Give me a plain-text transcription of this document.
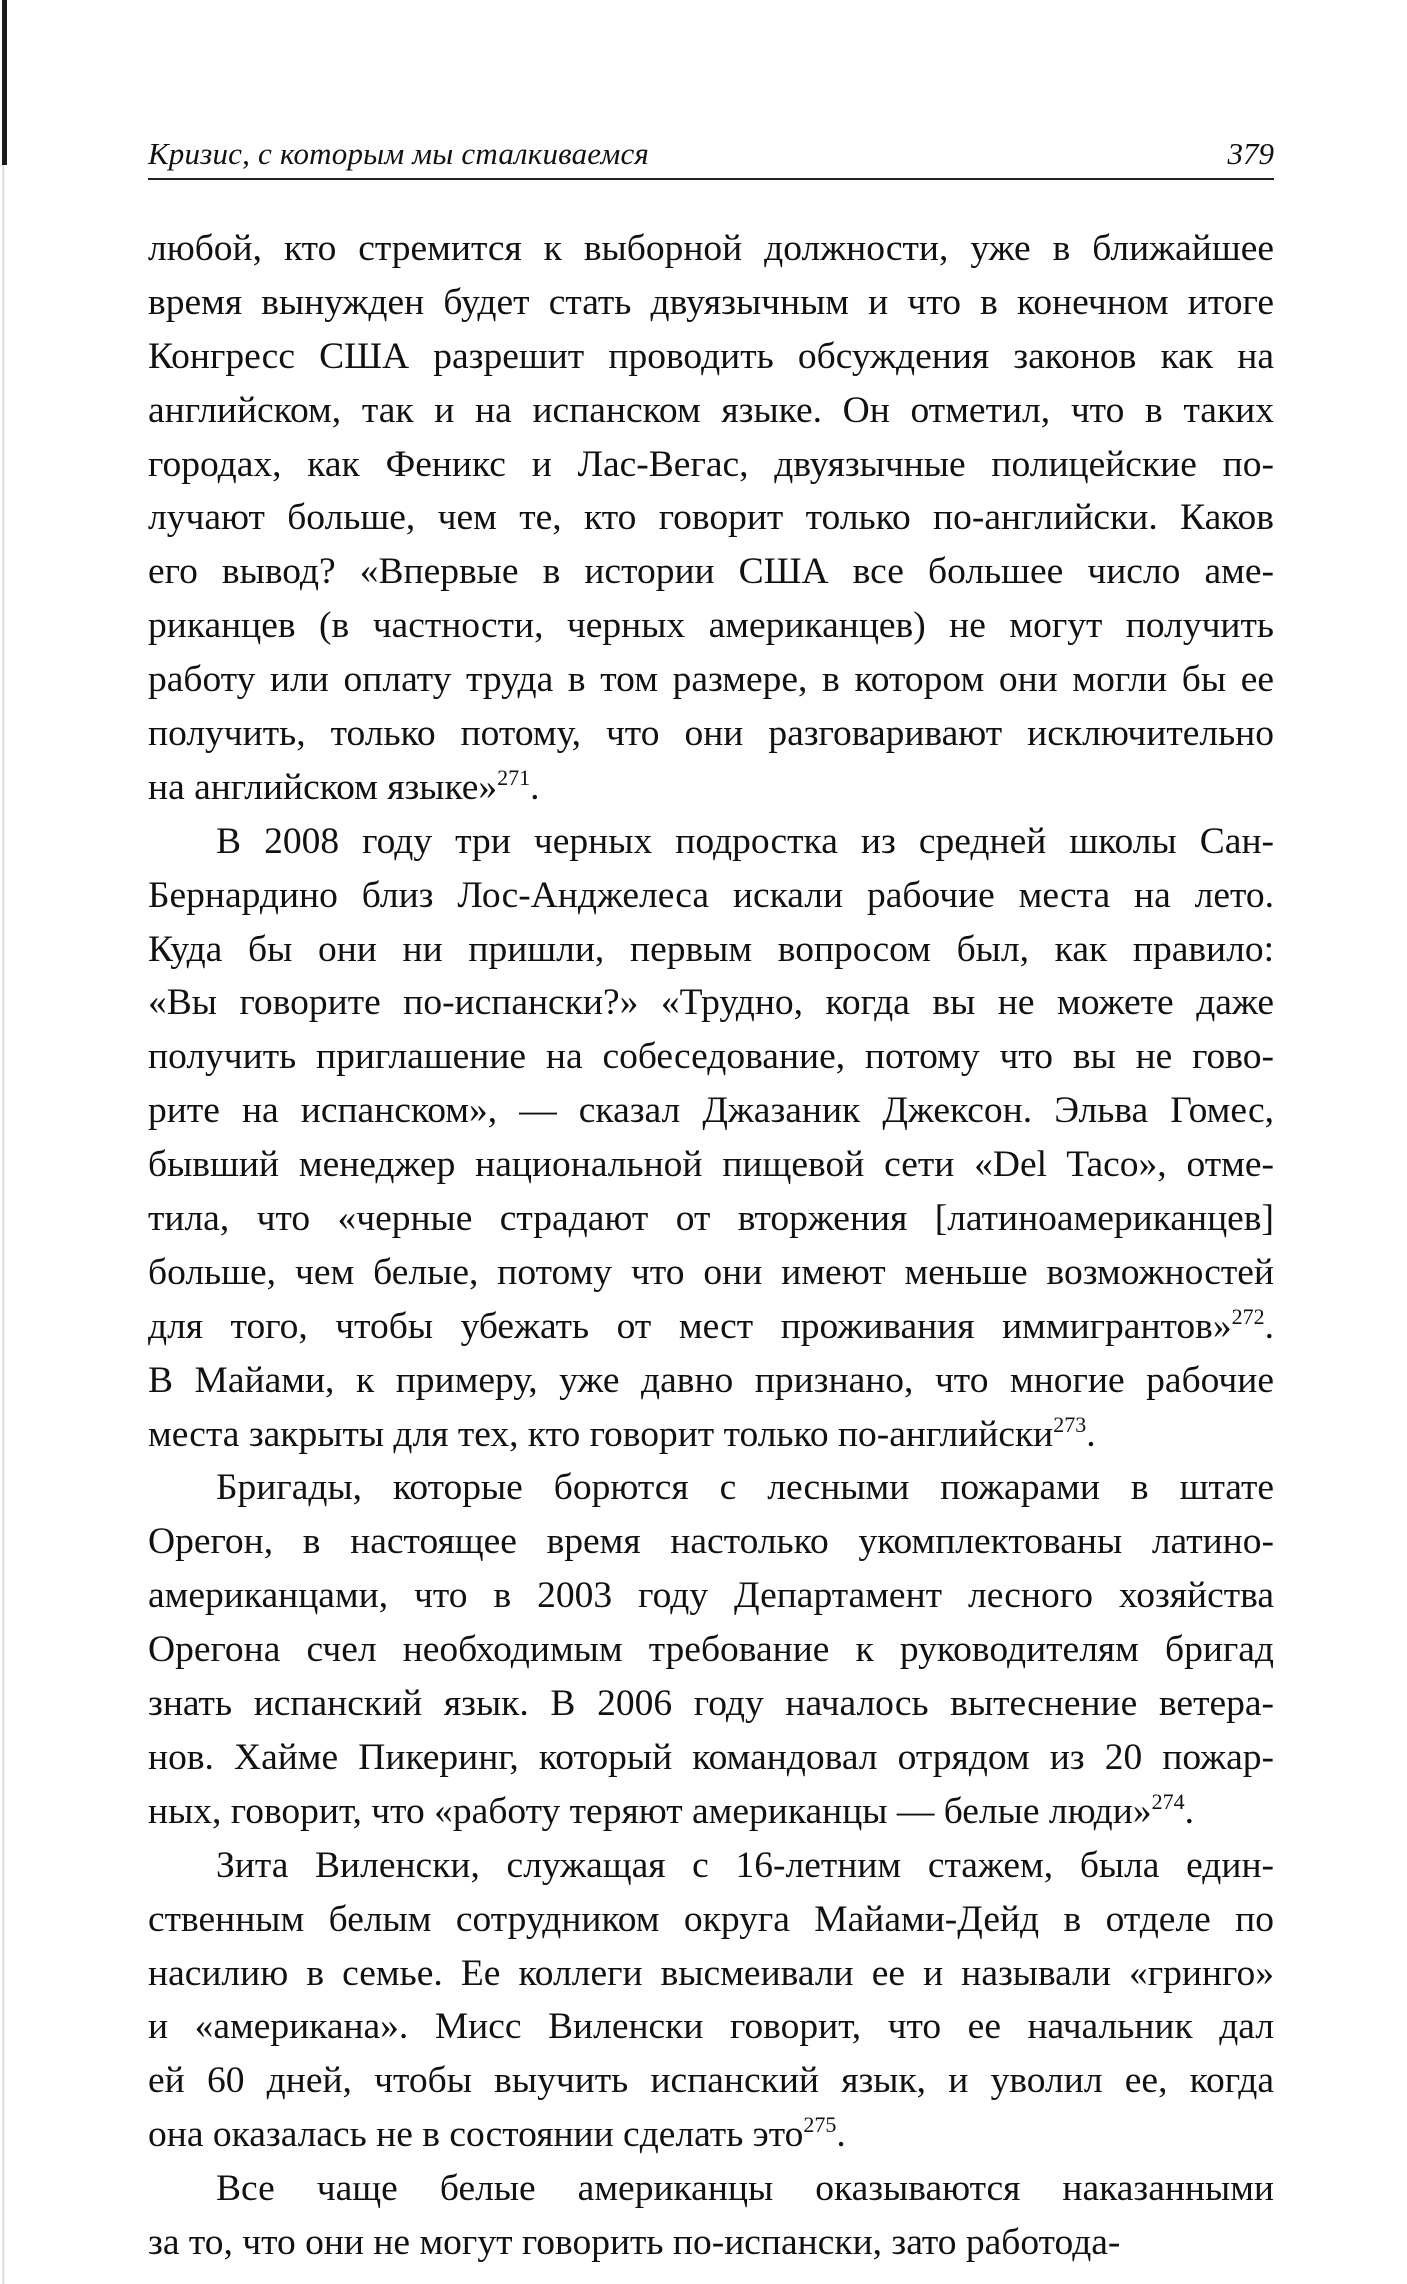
Кризис, с которым мы сталкиваемся	379
любой, кто стремится к выборной должности, уже в ближайшее
время вынужден будет стать двуязычным и что в конечном итоге
Конгресс США разрешит проводить обсуждения законов как на
английском, так и на испанском языке. Он отметил, что в таких
городах, как Феникс и Лас-Вегас, двуязычные полицейские по-
лучают больше, чем те, кто говорит только по-английски. Каков
его вывод? «Впервые в истории США все большее число аме-
риканцев (в частности, черных американцев) не могут получить
работу или оплату труда в том размере, в котором они могли бы ее
получить, только потому, что они разговаривают исключительно
на английском языке»$^{271}$.
В 2008 году три черных подростка из средней школы Сан-
Бернардино близ Лос-Анджелеса искали рабочие места на лето.
Куда бы они ни пришли, первым вопросом был, как правило:
«Вы говорите по-испански?» «Трудно, когда вы не можете даже
получить приглашение на собеседование, потому что вы не гово-
рите на испанском», — сказал Джазаник Джексон. Эльва Гомес,
бывший менеджер национальной пищевой сети «Del Taco», отме-
тила, что «черные страдают от вторжения [латиноамериканцев]
больше, чем белые, потому что они имеют меньше возможностей
для того, чтобы убежать от мест проживания иммигрантов»$^{272}$.
В Майами, к примеру, уже давно признано, что многие рабочие
места закрыты для тех, кто говорит только по-английски$^{273}$.
Бригады, которые борются с лесными пожарами в штате
Орегон, в настоящее время настолько укомплектованы латино-
американцами, что в 2003 году Департамент лесного хозяйства
Орегона счел необходимым требование к руководителям бригад
знать испанский язык. В 2006 году началось вытеснение ветера-
нов. Хайме Пикеринг, который командовал отрядом из 20 пожар-
ных, говорит, что «работу теряют американцы — белые люди»$^{274}$.
Зита Виленски, служащая с 16-летним стажем, была един-
ственным белым сотрудником округа Майами-Дейд в отделе по
насилию в семье. Ее коллеги высмеивали ее и называли «гринго»
и «американа». Мисс Виленски говорит, что ее начальник дал
ей 60 дней, чтобы выучить испанский язык, и уволил ее, когда
она оказалась не в состоянии сделать это$^{275}$.
Все чаще белые американцы оказываются наказанными
за то, что они не могут говорить по-испански, зато работода-
